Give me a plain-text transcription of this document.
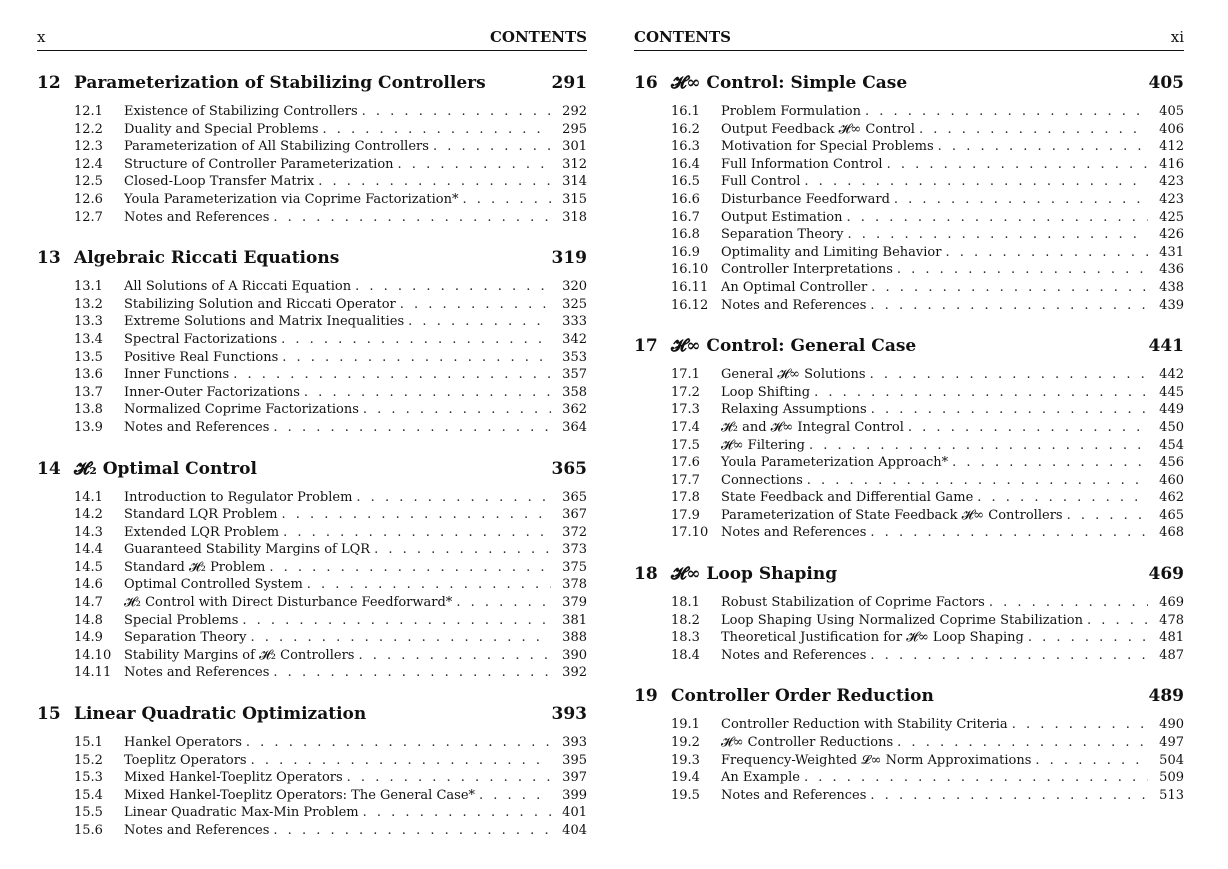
x	CONTENTS
12 Parameterization of Stabilizing Controllers	291
12.1	Existence of Stabilizing Controllers . . .	292
12.2	Duality and Special Problems . . .	295
12.3	Parameterization of All Stabilizing Controllers . . .	301
12.4	Structure of Controller Parameterization . . .	312
12.5	Closed-Loop Transfer Matrix . . .	314
12.6	Youla Parameterization via Coprime Factorization* . . .	315
12.7	Notes and References . . .	318
13 Algebraic Riccati Equations	319
13.1	All Solutions of A Riccati Equation . . .	320
13.2	Stabilizing Solution and Riccati Operator . . .	325
13.3	Extreme Solutions and Matrix Inequalities . . .	333
13.4	Spectral Factorizations . . .	342
13.5	Positive Real Functions . . .	353
13.6	Inner Functions . . .	357
13.7	Inner-Outer Factorizations . . .	358
13.8	Normalized Coprime Factorizations . . .	362
13.9	Notes and References . . .	364
14 𝓗₂ Optimal Control	365
14.1	Introduction to Regulator Problem . . .	365
14.2	Standard LQR Problem . . .	367
14.3	Extended LQR Problem . . .	372
14.4	Guaranteed Stability Margins of LQR . . .	373
14.5	Standard 𝓗₂ Problem . . .	375
14.6	Optimal Controlled System . . .	378
14.7	𝓗₂ Control with Direct Disturbance Feedforward* . . .	379
14.8	Special Problems . . .	381
14.9	Separation Theory . . .	388
14.10 Stability Margins of 𝓗₂ Controllers . . .	390
14.11 Notes and References . . .	392
15 Linear Quadratic Optimization	393
15.1	Hankel Operators . . .	393
15.2	Toeplitz Operators . . .	395
15.3	Mixed Hankel-Toeplitz Operators . . .	397
15.4	Mixed Hankel-Toeplitz Operators: The General Case* . . .	399
15.5	Linear Quadratic Max-Min Problem . . .	401
15.6	Notes and References . . .	404
CONTENTS	xi
16 𝓗∞ Control: Simple Case	405
16.1	Problem Formulation . . .	405
16.2	Output Feedback 𝓗∞ Control . . .	406
16.3	Motivation for Special Problems . . .	412
16.4	Full Information Control . . .	416
16.5	Full Control . . .	423
16.6	Disturbance Feedforward . . .	423
16.7	Output Estimation . . .	425
16.8	Separation Theory . . .	426
16.9	Optimality and Limiting Behavior . . .	431
16.10 Controller Interpretations . . .	436
16.11 An Optimal Controller . . .	438
16.12 Notes and References . . .	439
17 𝓗∞ Control: General Case	441
17.1	General 𝓗∞ Solutions . . .	442
17.2	Loop Shifting . . .	445
17.3	Relaxing Assumptions . . .	449
17.4	𝓗₂ and 𝓗∞ Integral Control . . .	450
17.5	𝓗∞ Filtering . . .	454
17.6	Youla Parameterization Approach* . . .	456
17.7	Connections . . .	460
17.8	State Feedback and Differential Game . . .	462
17.9	Parameterization of State Feedback 𝓗∞ Controllers . . .	465
17.10 Notes and References . . .	468
18 𝓗∞ Loop Shaping	469
18.1	Robust Stabilization of Coprime Factors . . .	469
18.2	Loop Shaping Using Normalized Coprime Stabilization . . .	478
18.3	Theoretical Justification for 𝓗∞ Loop Shaping . . .	481
18.4	Notes and References . . .	487
19 Controller Order Reduction	489
19.1	Controller Reduction with Stability Criteria . . .	490
19.2	𝓗∞ Controller Reductions . . .	497
19.3	Frequency-Weighted 𝓛∞ Norm Approximations . . .	504
19.4	An Example . . .	509
19.5	Notes and References . . .	513
